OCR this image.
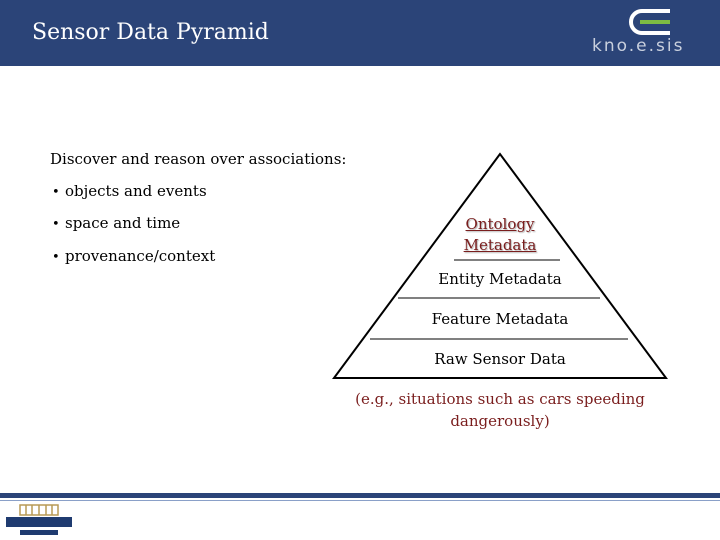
Sensor Data Pyramid
kno.e.sis
Discover and reason over associations:
• objects and events
• space and time
• provenance/context
Ontology Metadata
Entity Metadata
Feature Metadata
Raw Sensor Data
(e.g., situations such as cars speeding dangerously)
